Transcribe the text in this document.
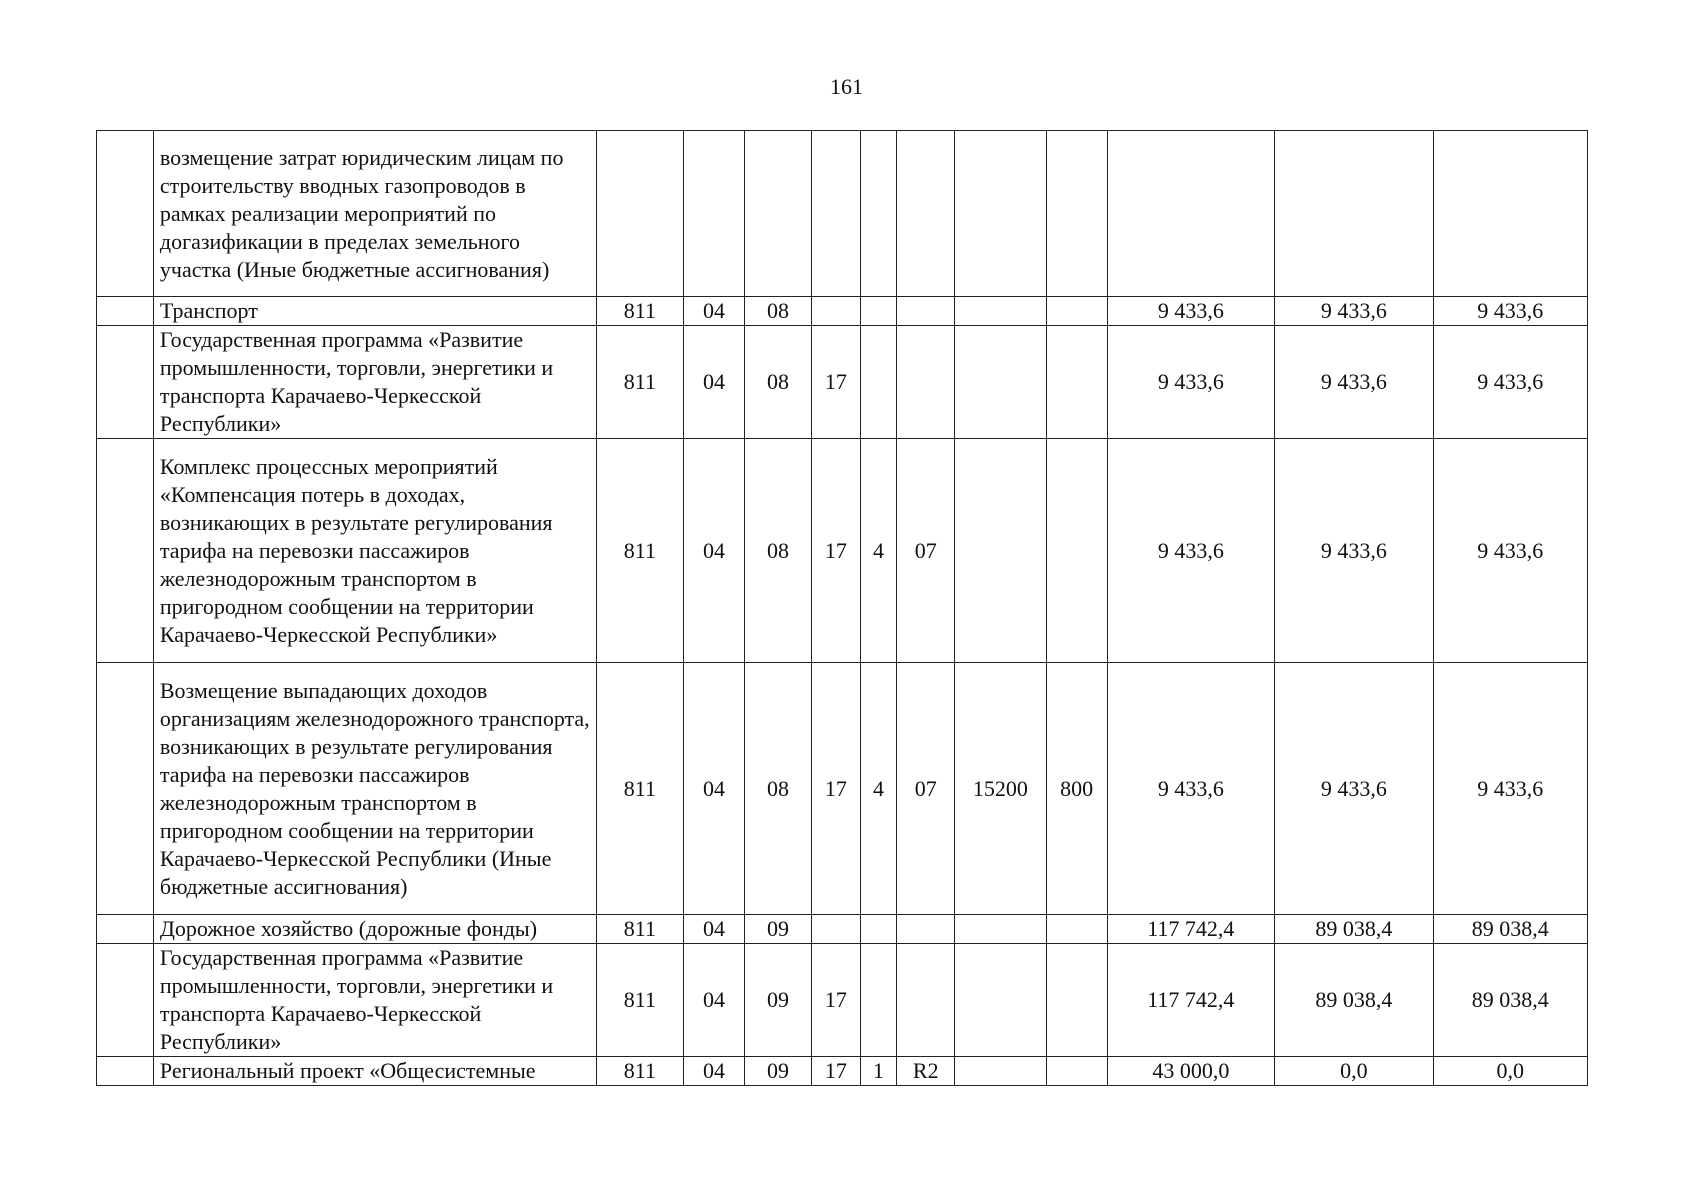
161
	возмещение затрат юридическим лицам по строительству вводных газопроводов в рамках реализации мероприятий по догазификации в пределах земельного участка (Иные бюджетные ассигнования)											
	Транспорт	811	04	08						9 433,6	9 433,6	9 433,6
	Государственная программа «Развитие промышленности, торговли, энергетики и транспорта Карачаево-Черкесской Республики»	811	04	08	17					9 433,6	9 433,6	9 433,6
	Комплекс процессных мероприятий «Компенсация потерь в доходах, возникающих в результате регулирования тарифа на перевозки пассажиров железнодорожным транспортом в пригородном сообщении на территории Карачаево-Черкесской Республики»	811	04	08	17	4	07			9 433,6	9 433,6	9 433,6
	Возмещение выпадающих доходов организациям железнодорожного транспорта, возникающих в результате регулирования тарифа на перевозки пассажиров железнодорожным транспортом в пригородном сообщении на территории Карачаево-Черкесской Республики (Иные бюджетные ассигнования)	811	04	08	17	4	07	15200	800	9 433,6	9 433,6	9 433,6
	Дорожное хозяйство (дорожные фонды)	811	04	09						117 742,4	89 038,4	89 038,4
	Государственная программа «Развитие промышленности, торговли, энергетики и транспорта Карачаево-Черкесской Республики»	811	04	09	17					117 742,4	89 038,4	89 038,4
	Региональный проект «Общесистемные	811	04	09	17	1	R2			43 000,0	0,0	0,0
